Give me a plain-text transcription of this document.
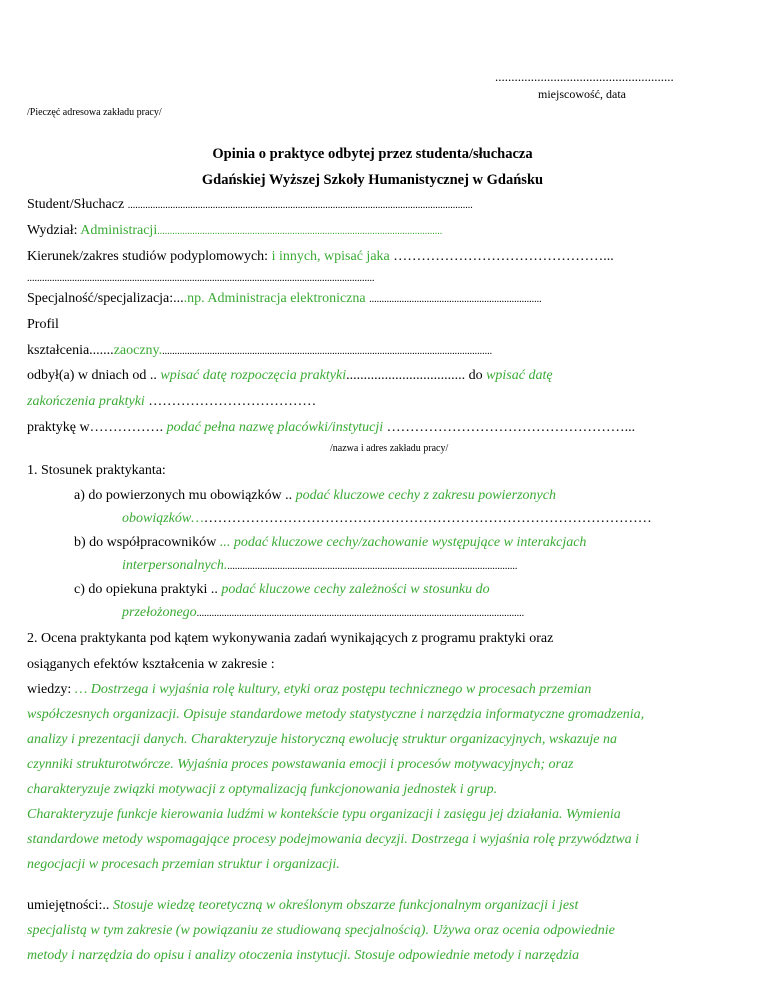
.......................................................
miejscowość, data
/Pieczęć adresowa zakładu pracy/
Opinia o praktyce odbytej przez studenta/słuchacza
Gdańskiej Wyższej Szkoły Humanistycznej w Gdańsku
Student/Słuchacz ..........................................................................................................................................
Wydział: Administracji..................................................................................................................
Kierunek/zakres studiów podyplomowych: i innych, wpisać jaka ………………………………………...
...........................................................................................................................................
Specjalność/specjalizacja:....np. Administracja elektroniczna .....................................................................
Profil
kształcenia.......zaoczny.....................................................................................................................................
odbył(a) w dniach od .. wpisać datę rozpoczęcia praktyki.................................. do wpisać datę
zakończenia praktyki ………………………………
praktykę w……………. podać pełna nazwę placówki/instytucji ……………………………………………...
/nazwa i adres zakładu pracy/
1. Stosunek praktykanta:
a) do powierzonych mu obowiązków .. podać kluczowe cechy z zakresu powierzonych
obowiązków………………………………………………………………………………………
b) do współpracowników ... podać kluczowe cechy/zachowanie występujące w interakcjach
interpersonalnych.....................................................................................................................
c) do opiekuna praktyki .. podać kluczowe cechy zależności w stosunku do
przełożonego...................................................................................................................................
2. Ocena praktykanta pod kątem wykonywania zadań wynikających z programu praktyki oraz
osiąganych efektów kształcenia w zakresie :
wiedzy: … Dostrzega i wyjaśnia rolę kultury, etyki oraz postępu technicznego w procesach przemian
współczesnych organizacji. Opisuje standardowe metody statystyczne i narzędzia informatyczne gromadzenia,
analizy i prezentacji danych. Charakteryzuje historyczną ewolucję struktur organizacyjnych, wskazuje na
czynniki strukturotwórcze. Wyjaśnia proces powstawania emocji i procesów motywacyjnych; oraz
charakteryzuje związki motywacji z optymalizacją funkcjonowania jednostek i grup.
Charakteryzuje funkcje kierowania ludźmi w kontekście typu organizacji i zasięgu jej działania. Wymienia
standardowe metody wspomagające procesy podejmowania decyzji. Dostrzega i wyjaśnia rolę przywództwa i
negocjacji w procesach przemian struktur i organizacji.
umiejętności:.. Stosuje wiedzę teoretyczną w określonym obszarze funkcjonalnym organizacji i jest
specjalistą w tym zakresie (w powiązaniu ze studiowaną specjalnością). Używa oraz ocenia odpowiednie
metody i narzędzia do opisu i analizy otoczenia instytucji. Stosuje odpowiednie metody i narzędzia
